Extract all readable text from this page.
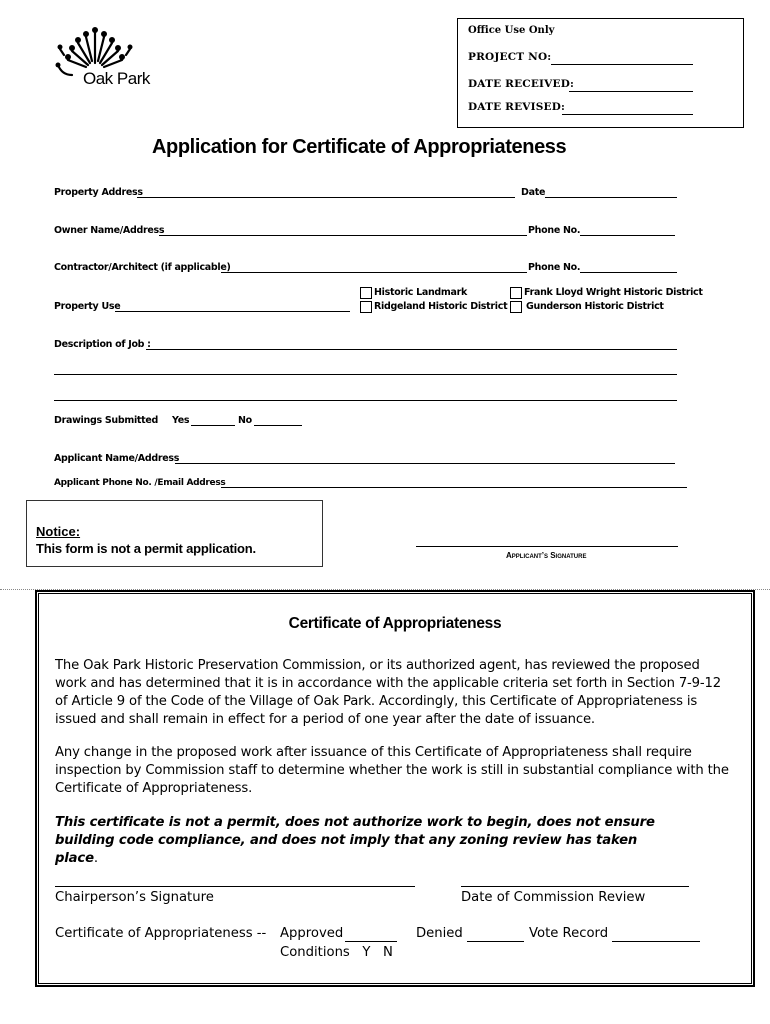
Oak Park
Office Use Only
PROJECT NO:
DATE RECEIVED:
DATE REVISED:
Application for Certificate of Appropriateness
Property Address	Date
Owner Name/Address	Phone No.
Contractor/Architect (if applicable)	Phone No.
Property Use
Historic Landmark
Ridgeland Historic District
Frank Lloyd Wright Historic District
Gunderson Historic District
Description of Job :
Drawings Submitted Yes	No
Applicant Name/Address
Applicant Phone No. /Email Address
Notice:
This form is not a permit application.	Applicant’s Signature
Certificate of Appropriateness
The Oak Park Historic Preservation Commission, or its authorized agent, has reviewed the proposed work and has determined that it is in accordance with the applicable criteria set forth in Section 7-9-12 of Article 9 of the Code of the Village of Oak Park. Accordingly, this Certificate of Appropriateness is issued and shall remain in effect for a period of one year after the date of issuance.
Any change in the proposed work after issuance of this Certificate of Appropriateness shall require inspection by Commission staff to determine whether the work is still in substantial compliance with the Certificate of Appropriateness.
This certificate is not a permit, does not authorize work to begin, does not ensure building code compliance, and does not imply that any zoning review has taken place.
Chairperson’s Signature	Date of Commission Review
Certificate of Appropriateness -- Approved	Denied	Vote Record
Conditions   Y   N
